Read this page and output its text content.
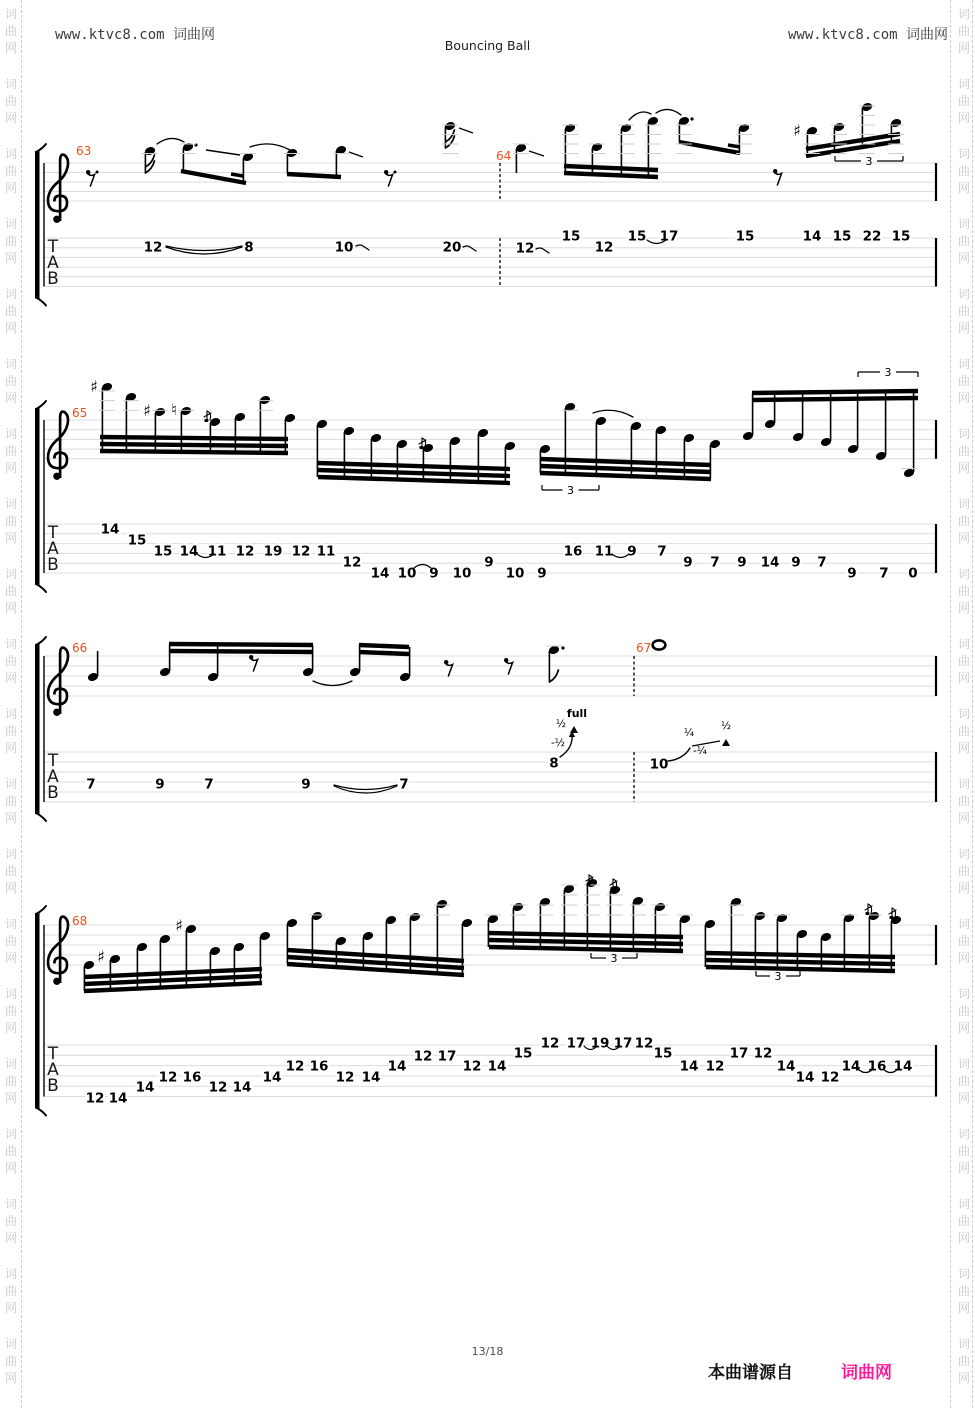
www.ktvc8.com 词曲网
Bouncing Ball
www.ktvc8.com 词曲网
T
A
B
63	64
♯
3
12	8	10	20	12
15
12
15 17	15	14 15 22 15
T
A
B
65
♯
♯ ♮
3
3
14
15
15 14 11 12 19 12 11
12
14 10 9 10
9
10 9
16 11 9 7
9 7 9 14 9 7
9 7 0
T
A
B
66	67
7	9	7	9	7
8	10
full
½
-½
¼
-¼
½
T
A
B
68
♯
♯
3
3
12 14
14
12 16
12 14
14
12 16
12 14
14
12 17
12 14
15
12 17 19 17 12
15
14 12
17 12
14
14 12
14 16 14
词
曲
网
词
曲
网
词
曲
网
词
曲
网
词
曲
网
词
曲
网
词
曲
网
词
曲
网
词
曲
网
词
曲
网
词
曲
网
词
曲
网
词
曲
网
词
曲
网
词
曲
网
词
曲
网
词
曲
网
词
曲
网
词
曲
网
词
曲
网
词
曲
网
词
曲
网
词
曲
网
词
曲
网
词
曲
网
词
曲
网
词
曲
网
词
曲
网
词
曲
网
词
曲
网
词
曲
网
词
曲
网
词
曲
网
词
曲
网
词
曲
网
词
曲
网
词
曲
网
词
曲
网
词
曲
网
词
曲
网
13/18
本曲谱源自	词曲网
